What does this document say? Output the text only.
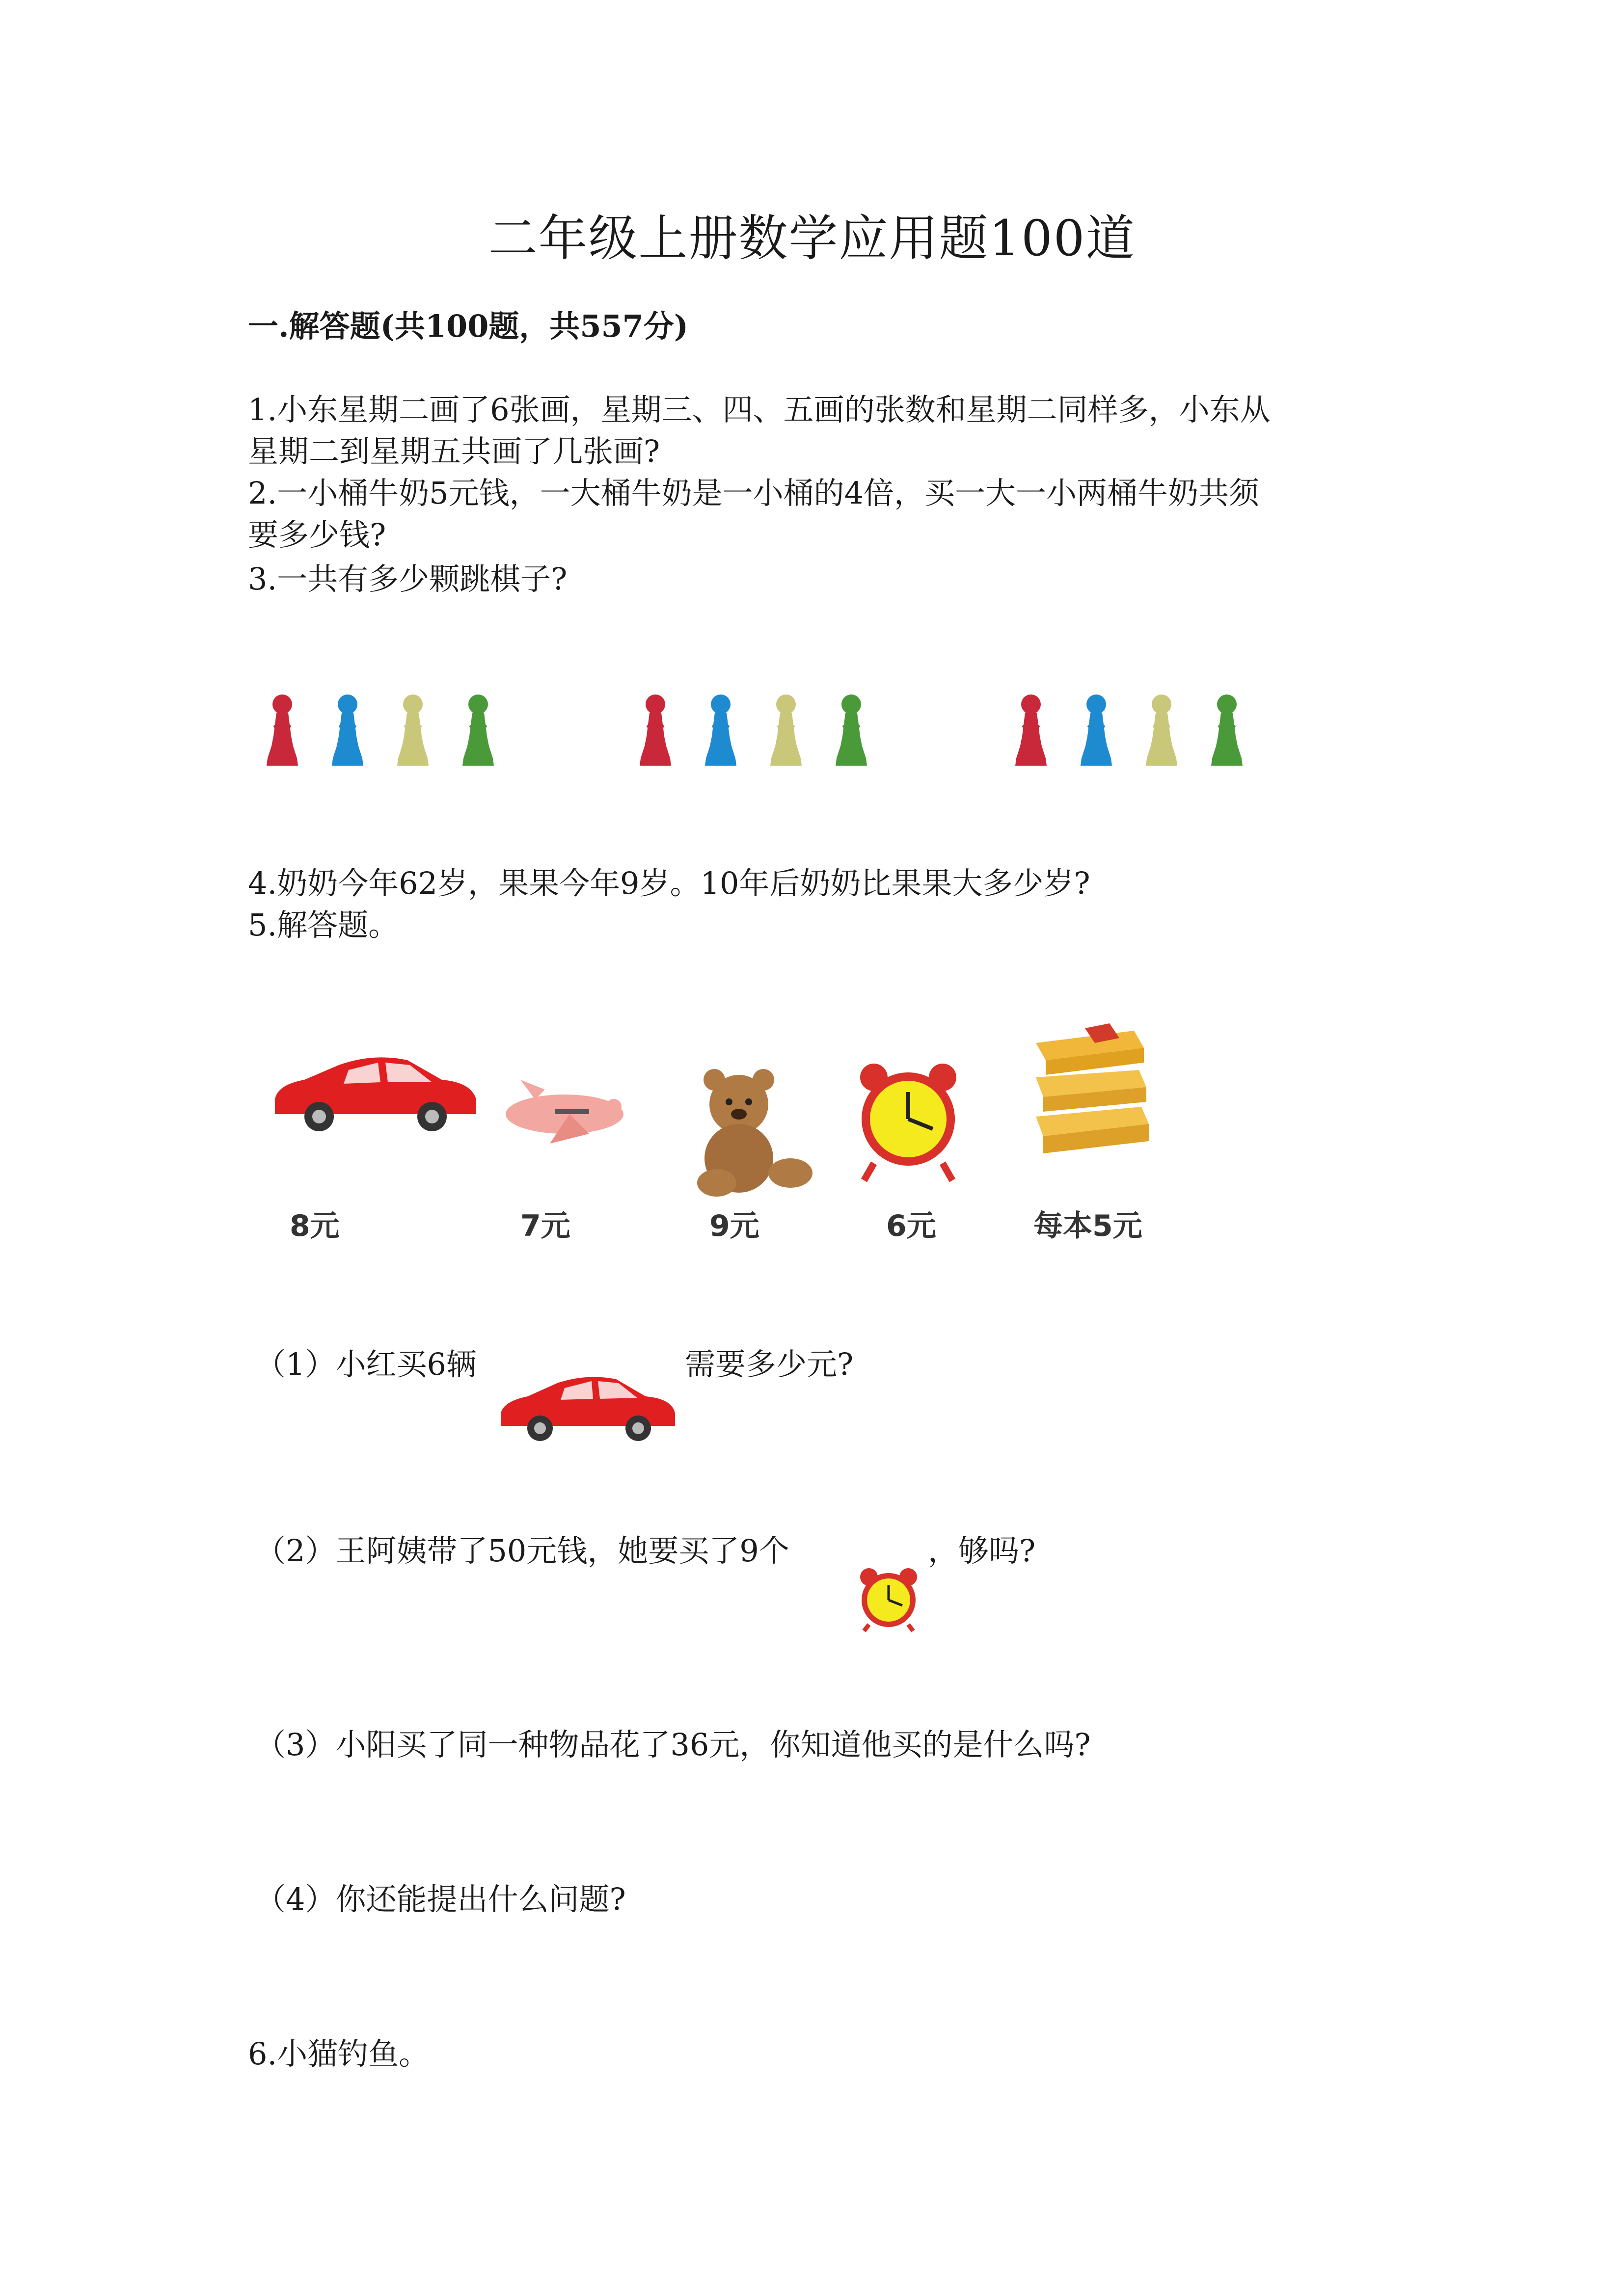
二年级上册数学应用题100道
一.解答题(共100题，共557分)
1.小东星期二画了6张画，星期三、四、五画的张数和星期二同样多，小东从
星期二到星期五共画了几张画?
2.一小桶牛奶5元钱，一大桶牛奶是一小桶的4倍，买一大一小两桶牛奶共须
要多少钱?
3.一共有多少颗跳棋子?
4.奶奶今年62岁，果果今年9岁。10年后奶奶比果果大多少岁?
5.解答题。
8元	7元	9元	6元	每本5元
（1）小红买6辆	需要多少元?
（2）王阿姨带了50元钱，她要买了9个	，够吗?
（3）小阳买了同一种物品花了36元，你知道他买的是什么吗?
（4）你还能提出什么问题?
6.小猫钓鱼。
